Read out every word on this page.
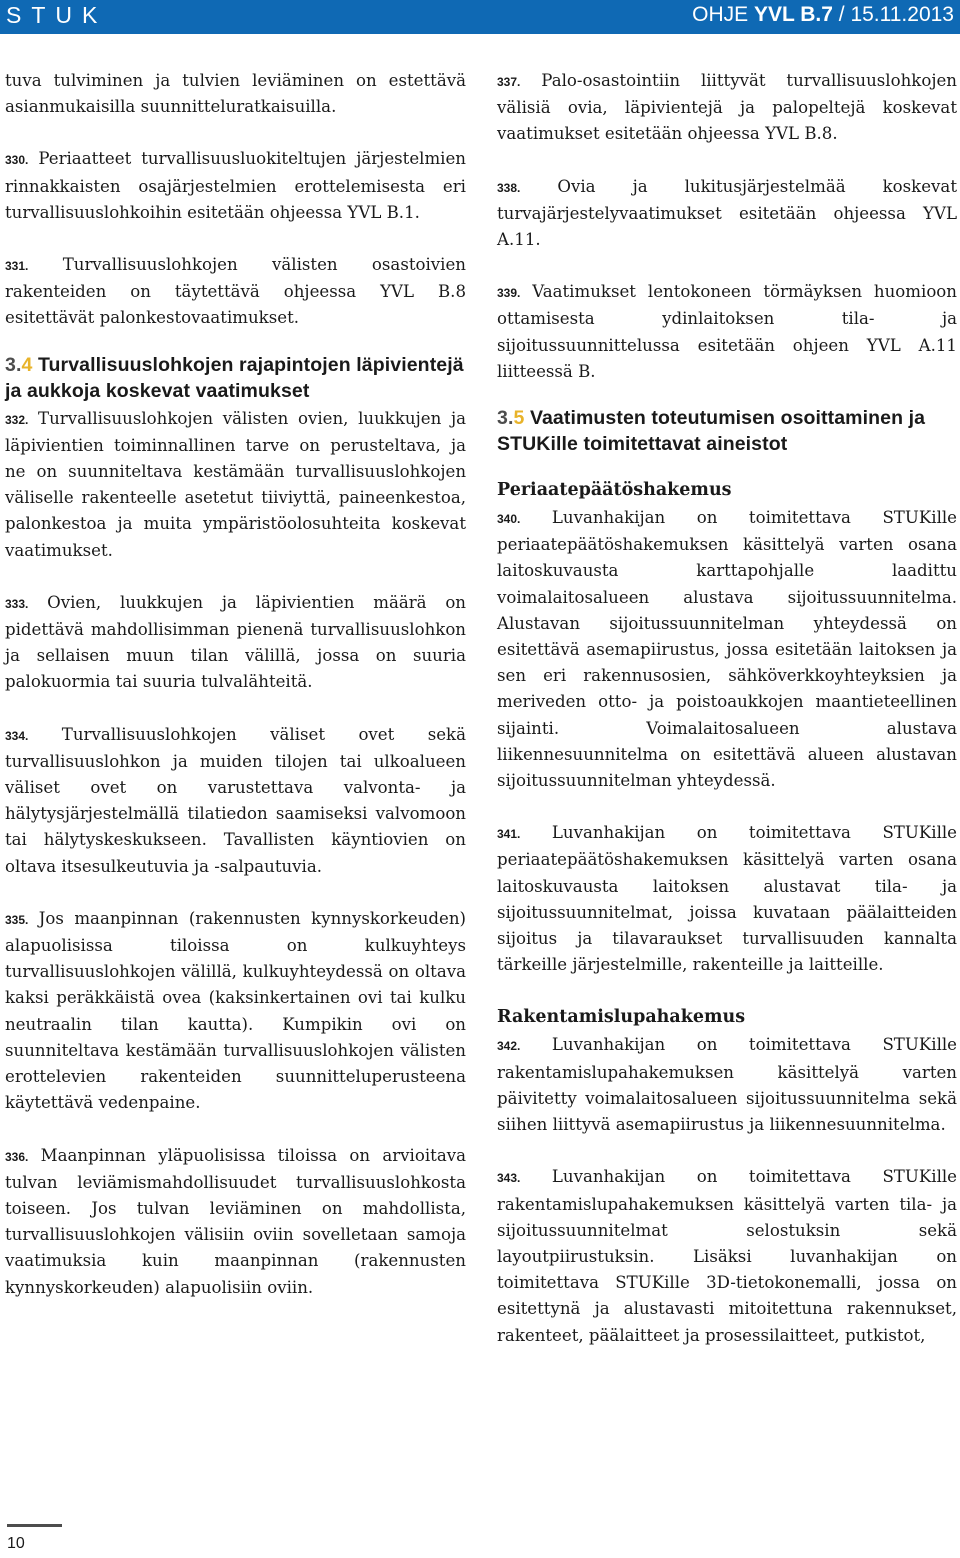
STUK	OHJE YVL B.7 / 15.11.2013

tuva tulviminen ja tulvien leviäminen on estettävä asianmukaisilla suunnitteluratkaisuilla.

330. Periaatteet turvallisuusluokiteltujen järjestelmien rinnakkaisten osajärjestelmien erottelemisesta eri turvallisuuslohkoihin esitetään ohjeessa YVL B.1.

331. Turvallisuuslohkojen välisten osastoivien rakenteiden on täytettävä ohjeessa YVL B.8 esitettävät palonkestovaatimukset.

3.4 Turvallisuuslohkojen rajapintojen läpivientejä ja aukkoja koskevat vaatimukset

332. Turvallisuuslohkojen välisten ovien, luukkujen ja läpivientien toiminnallinen tarve on perusteltava, ja ne on suunniteltava kestämään turvallisuuslohkojen väliselle rakenteelle asetetut tiiviyttä, paineenkestoa, palonkestoa ja muita ympäristöolosuhteita koskevat vaatimukset.

333. Ovien, luukkujen ja läpivientien määrä on pidettävä mahdollisimman pienenä turvallisuuslohkon ja sellaisen muun tilan välillä, jossa on suuria palokuormia tai suuria tulvalähteitä.

334. Turvallisuuslohkojen väliset ovet sekä turvallisuuslohkon ja muiden tilojen tai ulkoalueen väliset ovet on varustettava valvonta- ja hälytysjärjestelmällä tilatiedon saamiseksi valvomoon tai hälytyskeskukseen. Tavallisten käyntiovien on oltava itsesulkeutuvia ja -salpautuvia.

335. Jos maanpinnan (rakennusten kynnyskorkeuden) alapuolisissa tiloissa on kulkuyhteys turvallisuuslohkojen välillä, kulkuyhteydessä on oltava kaksi peräkkäistä ovea (kaksinkertainen ovi tai kulku neutraalin tilan kautta). Kumpikin ovi on suunniteltava kestämään turvallisuuslohkojen välisten erottelevien rakenteiden suunnitteluperusteena käytettävä vedenpaine.

336. Maanpinnan yläpuolisissa tiloissa on arvioitava tulvan leviämismahdollisuudet turvallisuuslohkosta toiseen. Jos tulvan leviäminen on mahdollista, turvallisuuslohkojen välisiin oviin sovelletaan samoja vaatimuksia kuin maanpinnan (rakennusten kynnyskorkeuden) alapuolisiin oviin.

337. Palo-osastointiin liittyvät turvallisuuslohkojen välisiä ovia, läpivientejä ja palopeltejä koskevat vaatimukset esitetään ohjeessa YVL B.8.

338. Ovia ja lukitusjärjestelmää koskevat turvajärjestelyvaatimukset esitetään ohjeessa YVL A.11.

339. Vaatimukset lentokoneen törmäyksen huomioon ottamisesta ydinlaitoksen tila- ja sijoitussuunnittelussa esitetään ohjeen YVL A.11 liitteessä B.

3.5 Vaatimusten toteutumisen osoittaminen ja STUKille toimitettavat aineistot
Periaatepäätöshakemus

340. Luvanhakijan on toimitettava STUKille periaatepäätöshakemuksen käsittelyä varten osana laitoskuvausta karttapohjalle laadittu voimalaitosalueen alustava sijoitussuunnitelma. Alustavan sijoitussuunnitelman yhteydessä on esitettävä asemapiirustus, jossa esitetään laitoksen ja sen eri rakennusosien, sähköverkkoyhteyksien ja meriveden otto- ja poistoaukkojen maantieteellinen sijainti. Voimalaitosalueen alustava liikennesuunnitelma on esitettävä alueen alustavan sijoitussuunnitelman yhteydessä.

341. Luvanhakijan on toimitettava STUKille periaatepäätöshakemuksen käsittelyä varten osana laitoskuvausta laitoksen alustavat tila- ja sijoitussuunnitelmat, joissa kuvataan päälaitteiden sijoitus ja tilavaraukset turvallisuuden kannalta tärkeille järjestelmille, rakenteille ja laitteille.

Rakentamislupahakemus

342. Luvanhakijan on toimitettava STUKille rakentamislupahakemuksen käsittelyä varten päivitetty voimalaitosalueen sijoitussuunnitelma sekä siihen liittyvä asemapiirustus ja liikennesuunnitelma.

343. Luvanhakijan on toimitettava STUKille rakentamislupahakemuksen käsittelyä varten tila- ja sijoitussuunnitelmat selostuksin sekä layoutpiirustuksin. Lisäksi luvanhakijan on toimitettava STUKille 3D-tietokonemalli, jossa on esitettynä ja alustavasti mitoitettuna rakennukset, rakenteet, päälaitteet ja prosessilaitteet, putkistot,

10
